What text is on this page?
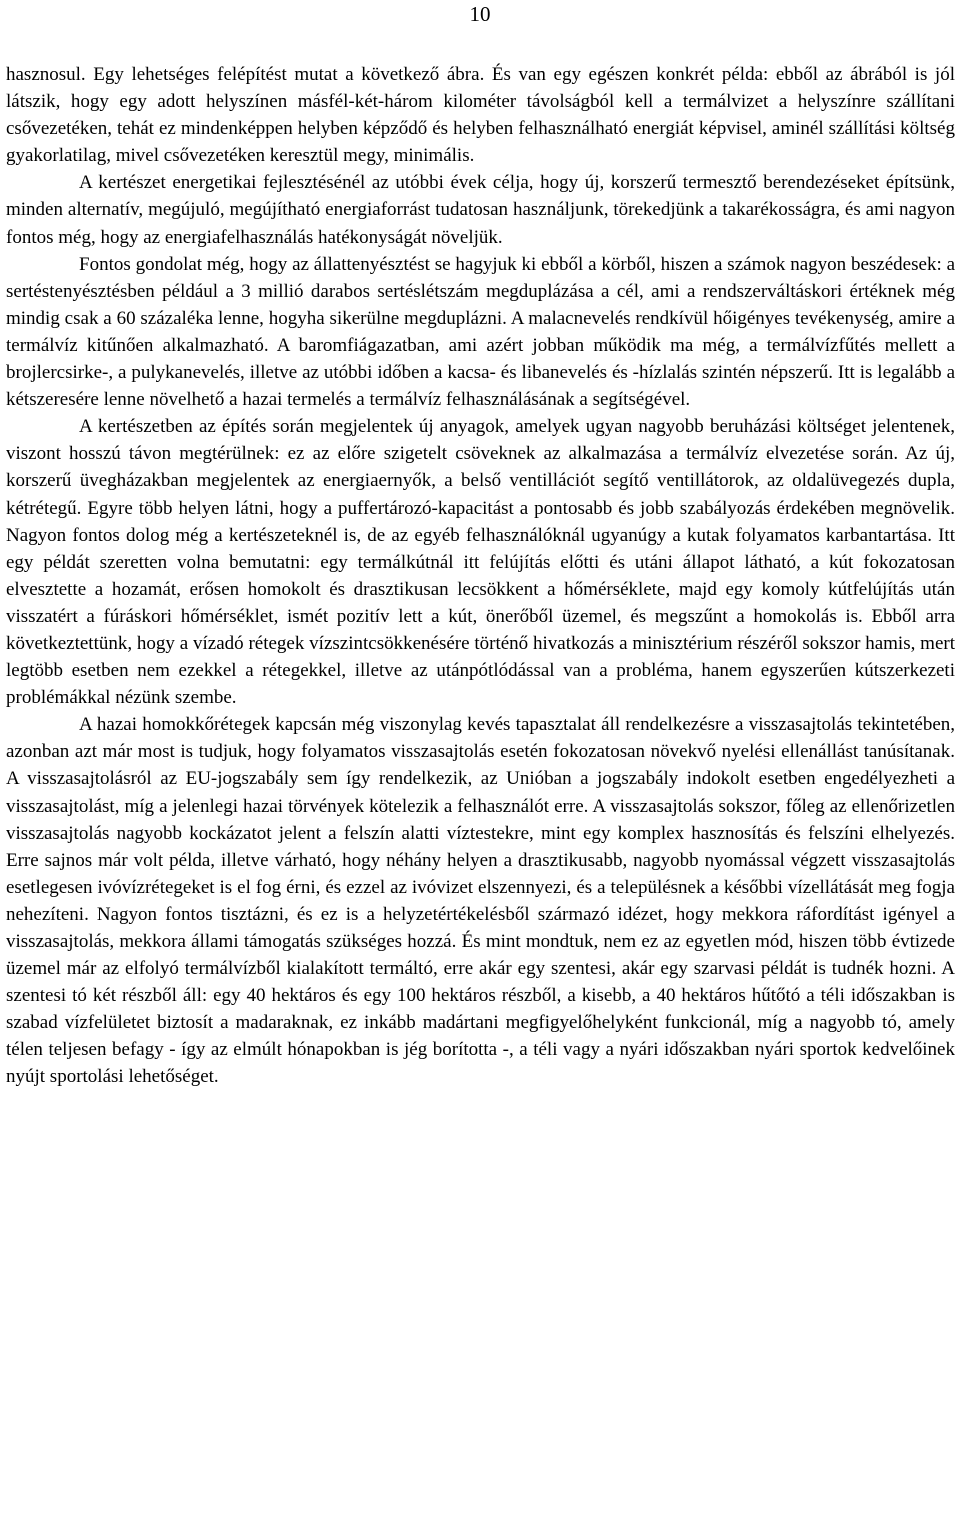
10

hasznosul. Egy lehetséges felépítést mutat a következő ábra. És van egy egészen konkrét példa: ebből az ábrából is jól látszik, hogy egy adott helyszínen másfél-két-három kilométer távolságból kell a termálvizet a helyszínre szállítani csővezetéken, tehát ez mindenképpen helyben képződő és helyben felhasználható energiát képvisel, aminél szállítási költség gyakorlatilag, mivel csővezetéken keresztül megy, minimális.

A kertészet energetikai fejlesztésénél az utóbbi évek célja, hogy új, korszerű termesztő berendezéseket építsünk, minden alternatív, megújuló, megújítható energiaforrást tudatosan használjunk, törekedjünk a takarékosságra, és ami nagyon fontos még, hogy az energiafelhasználás hatékonyságát növeljük.

Fontos gondolat még, hogy az állattenyésztést se hagyjuk ki ebből a körből, hiszen a számok nagyon beszédesek: a sertéstenyésztésben például a 3 millió darabos sertéslétszám megduplázása a cél, ami a rendszerváltáskori értéknek még mindig csak a 60 százaléka lenne, hogyha sikerülne megduplázni. A malacnevelés rendkívül hőigényes tevékenység, amire a termálvíz kitűnően alkalmazható. A baromfiágazatban, ami azért jobban működik ma még, a termálvízfűtés mellett a brojlercsirke-, a pulykanevelés, illetve az utóbbi időben a kacsa- és libanevelés és -hízlalás szintén népszerű. Itt is legalább a kétszeresére lenne növelhető a hazai termelés a termálvíz felhasználásának a segítségével.

A kertészetben az építés során megjelentek új anyagok, amelyek ugyan nagyobb beruházási költséget jelentenek, viszont hosszú távon megtérülnek: ez az előre szigetelt csöveknek az alkalmazása a termálvíz elvezetése során. Az új, korszerű üvegházakban megjelentek az energiaernyők, a belső ventillációt segítő ventillátorok, az oldalüvegezés dupla, kétrétegű. Egyre több helyen látni, hogy a puffertározó-kapacitást a pontosabb és jobb szabályozás érdekében megnövelik. Nagyon fontos dolog még a kertészeteknél is, de az egyéb felhasználóknál ugyanúgy a kutak folyamatos karbantartása. Itt egy példát szeretten volna bemutatni: egy termálkútnál itt felújítás előtti és utáni állapot látható, a kút fokozatosan elvesztette a hozamát, erősen homokolt és drasztikusan lecsökkent a hőmérséklete, majd egy komoly kútfelújítás után visszatért a fúráskori hőmérséklet, ismét pozitív lett a kút, önerőből üzemel, és megszűnt a homokolás is. Ebből arra következtettünk, hogy a vízadó rétegek vízszintcsökkenésére történő hivatkozás a minisztérium részéről sokszor hamis, mert legtöbb esetben nem ezekkel a rétegekkel, illetve az utánpótlódással van a probléma, hanem egyszerűen kútszerkezeti problémákkal nézünk szembe.

A hazai homokkőrétegek kapcsán még viszonylag kevés tapasztalat áll rendelkezésre a visszasajtolás tekintetében, azonban azt már most is tudjuk, hogy folyamatos visszasajtolás esetén fokozatosan növekvő nyelési ellenállást tanúsítanak. A visszasajtolásról az EU-jogszabály sem így rendelkezik, az Unióban a jogszabály indokolt esetben engedélyezheti a visszasajtolást, míg a jelenlegi hazai törvények kötelezik a felhasználót erre. A visszasajtolás sokszor, főleg az ellenőrizetlen visszasajtolás nagyobb kockázatot jelent a felszín alatti víztestekre, mint egy komplex hasznosítás és felszíni elhelyezés. Erre sajnos már volt példa, illetve várható, hogy néhány helyen a drasztikusabb, nagyobb nyomással végzett visszasajtolás esetlegesen ivóvízrétegeket is el fog érni, és ezzel az ivóvizet elszennyezi, és a településnek a későbbi vízellátását meg fogja nehezíteni. Nagyon fontos tisztázni, és ez is a helyzetértékelésből származó idézet, hogy mekkora ráfordítást igényel a visszasajtolás, mekkora állami támogatás szükséges hozzá. És mint mondtuk, nem ez az egyetlen mód, hiszen több évtizede üzemel már az elfolyó termálvízből kialakított termáltó, erre akár egy szentesi, akár egy szarvasi példát is tudnék hozni. A szentesi tó két részből áll: egy 40 hektáros és egy 100 hektáros részből, a kisebb, a 40 hektáros hűtőtó a téli időszakban is szabad vízfelületet biztosít a madaraknak, ez inkább madártani megfigyelőhelyként funkcionál, míg a nagyobb tó, amely télen teljesen befagy - így az elmúlt hónapokban is jég borította -, a téli vagy a nyári időszakban nyári sportok kedvelőinek nyújt sportolási lehetőséget.
